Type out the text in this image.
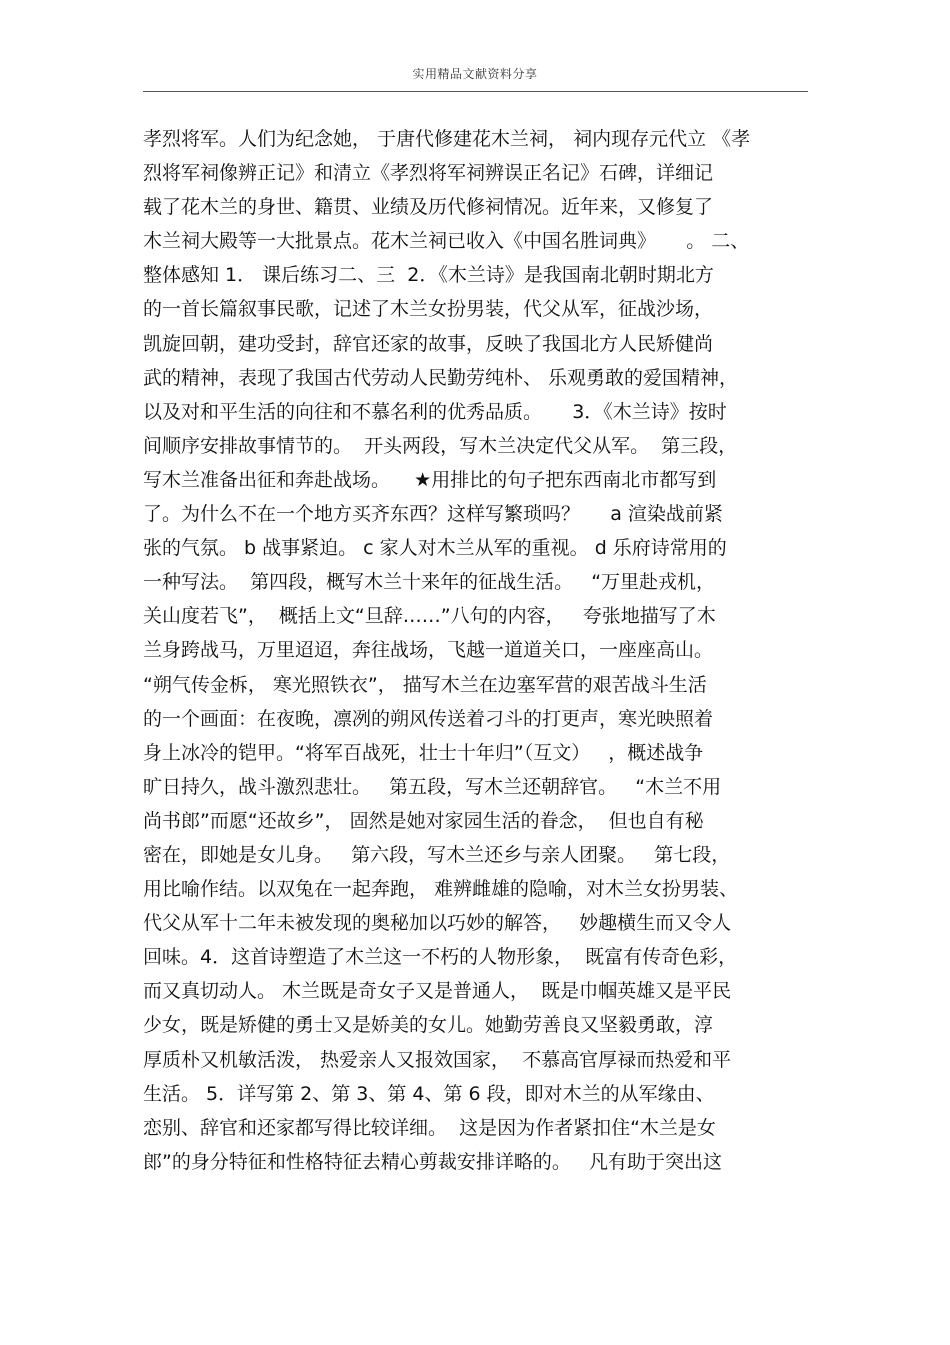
实用精品文献资料分享
孝烈将军。人们为纪念她， 于唐代修建花木兰祠， 祠内现存元代立 《孝
烈将军祠像辨正记》和清立《孝烈将军祠辨误正名记》石碑，详细记
载了花木兰的身世、籍贯、业绩及历代修祠情况。近年来，又修复了
木兰祠大殿等一大批景点。花木兰祠已收入《中国名胜词典》     。 二、
整体感知 1． 课后练习二、三  2．《木兰诗》是我国南北朝时期北方
的一首长篇叙事民歌，记述了木兰女扮男装，代父从军，征战沙场，
凯旋回朝，建功受封，辞官还家的故事，反映了我国北方人民矫健尚
武的精神，表现了我国古代劳动人民勤劳纯朴、 乐观勇敢的爱国精神，
以及对和平生活的向往和不慕名利的优秀品质。     3．《木兰诗》按时
间顺序安排故事情节的。  开头两段，写木兰决定代父从军。  第三段，
写木兰准备出征和奔赴战场。    ★用排比的句子把东西南北市都写到
了。为什么不在一个地方买齐东西？这样写繁琐吗？     a 渲染战前紧
张的气氛。 b 战事紧迫。 c 家人对木兰从军的重视。 d 乐府诗常用的
一种写法。  第四段，概写木兰十来年的征战生活。   “万里赴戎机，
关山度若飞”，  概括上文“旦辞……”八句的内容，   夸张地描写了木
兰身跨战马，万里迢迢，奔往战场，飞越一道道关口，一座座高山。
“朔气传金柝， 寒光照铁衣”， 描写木兰在边塞军营的艰苦战斗生活
的一个画面：在夜晚，凛冽的朔风传送着刁斗的打更声，寒光映照着
身上冰冷的铠甲。“将军百战死，壮士十年归”（互文）   ，概述战争
旷日持久，战斗激烈悲壮。   第五段，写木兰还朝辞官。   “木兰不用
尚书郎”而愿“还故乡”， 固然是她对家园生活的眷念，  但也自有秘
密在，即她是女儿身。   第六段，写木兰还乡与亲人团聚。   第七段，
用比喻作结。以双兔在一起奔跑， 难辨雌雄的隐喻，对木兰女扮男装、
代父从军十二年未被发现的奥秘加以巧妙的解答，   妙趣横生而又令人
回味。4．这首诗塑造了木兰这一不朽的人物形象，  既富有传奇色彩，
而又真切动人。 木兰既是奇女子又是普通人，  既是巾帼英雄又是平民
少女，既是矫健的勇士又是娇美的女儿。她勤劳善良又坚毅勇敢，淳
厚质朴又机敏活泼， 热爱亲人又报效国家，  不慕高官厚禄而热爱和平
生活。 5．详写第 2、第 3、第 4、第 6 段，即对木兰的从军缘由、
恋别、辞官和还家都写得比较详细。  这是因为作者紧扣住“木兰是女
郎”的身分特征和性格特征去精心剪裁安排详略的。   凡有助于突出这
